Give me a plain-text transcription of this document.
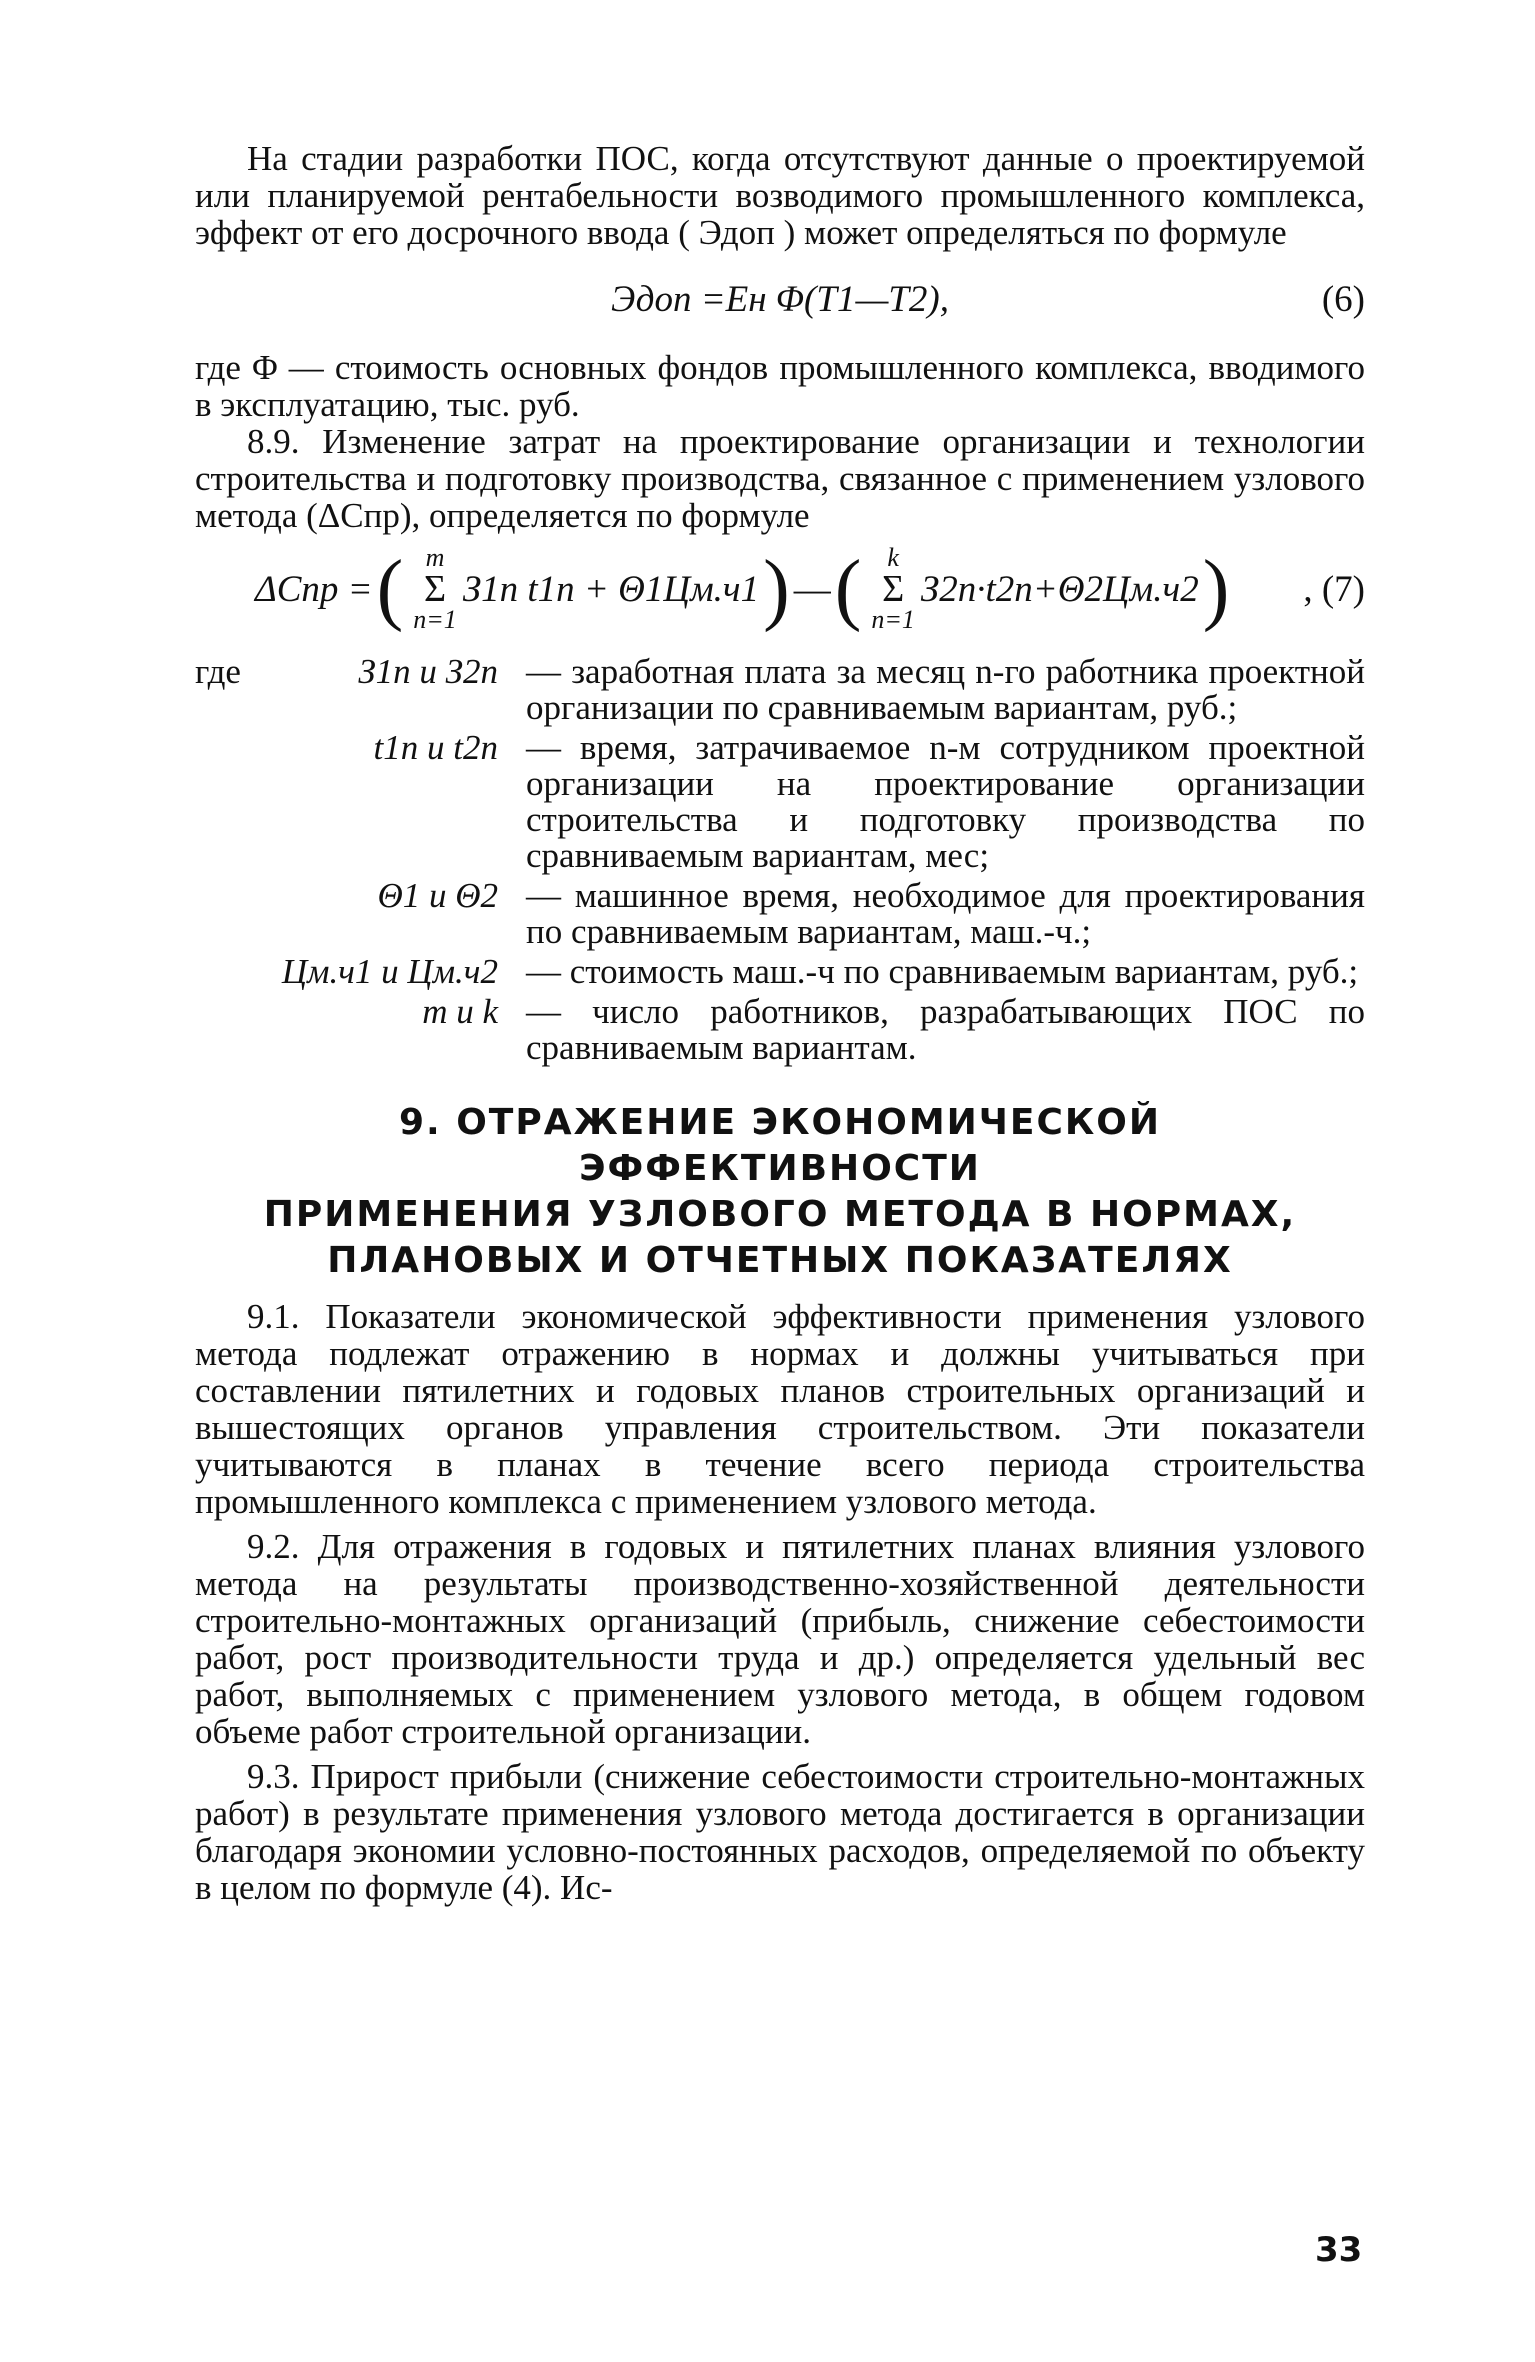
На стадии разработки ПОС, когда отсутствуют данные о проектируемой или планируемой рентабельности возводимого промышленного комплекса, эффект от его досрочного ввода ( Эдоп ) может определяться по формуле

Эдоп =Eн Φ(T1—T2),	(6)

где Φ — стоимость основных фондов промышленного комплекса, вводимого в эксплуатацию, тыс. руб.

8.9. Изменение затрат на проектирование организации и технологии строительства и подготовку производства, связанное с применением узлового метода (ΔCпр), определяется по формуле

ΔCпр = ( m
Σ
n=1
З1n t1n + Θ1Цм.ч1 ) — ( k
Σ
n=1
З2n·t2n+Θ2Цм.ч2 ) , (7)
где	З1n и З2n — заработная плата за месяц n-го работника проектной организации по сравниваемым вариантам, руб.;
t1n и t2n — время, затрачиваемое n-м сотрудником проектной организации на проектирование организации строительства и подготовку производства по сравниваемым вариантам, мес;
Θ1 и Θ2 — машинное время, необходимое для проектирования по сравниваемым вариантам, маш.-ч.;
Цм.ч1 и Цм.ч2 — стоимость маш.-ч по сравниваемым вариантам, руб.;
m и k — число работников, разрабатывающих ПОС по сравниваемым вариантам.
9. ОТРАЖЕНИЕ ЭКОНОМИЧЕСКОЙ ЭФФЕКТИВНОСТИ
ПРИМЕНЕНИЯ УЗЛОВОГО МЕТОДА В НОРМАХ,
ПЛАНОВЫХ И ОТЧЕТНЫХ ПОКАЗАТЕЛЯХ

9.1. Показатели экономической эффективности применения узлового метода подлежат отражению в нормах и должны учитываться при составлении пятилетних и годовых планов строительных организаций и вышестоящих органов управления строительством. Эти показатели учитываются в планах в течение всего периода строительства промышленного комплекса с применением узлового метода.

9.2. Для отражения в годовых и пятилетних планах влияния узлового метода на результаты производственно-хозяйственной деятельности строительно-монтажных организаций (прибыль, снижение себестоимости работ, рост производительности труда и др.) определяется удельный вес работ, выполняемых с применением узлового метода, в общем годовом объеме работ строительной организации.

9.3. Прирост прибыли (снижение себестоимости строительно-монтажных работ) в результате применения узлового метода достигается в организации благодаря экономии условно-постоянных расходов, определяемой по объекту в целом по формуле (4). Ис-

33
